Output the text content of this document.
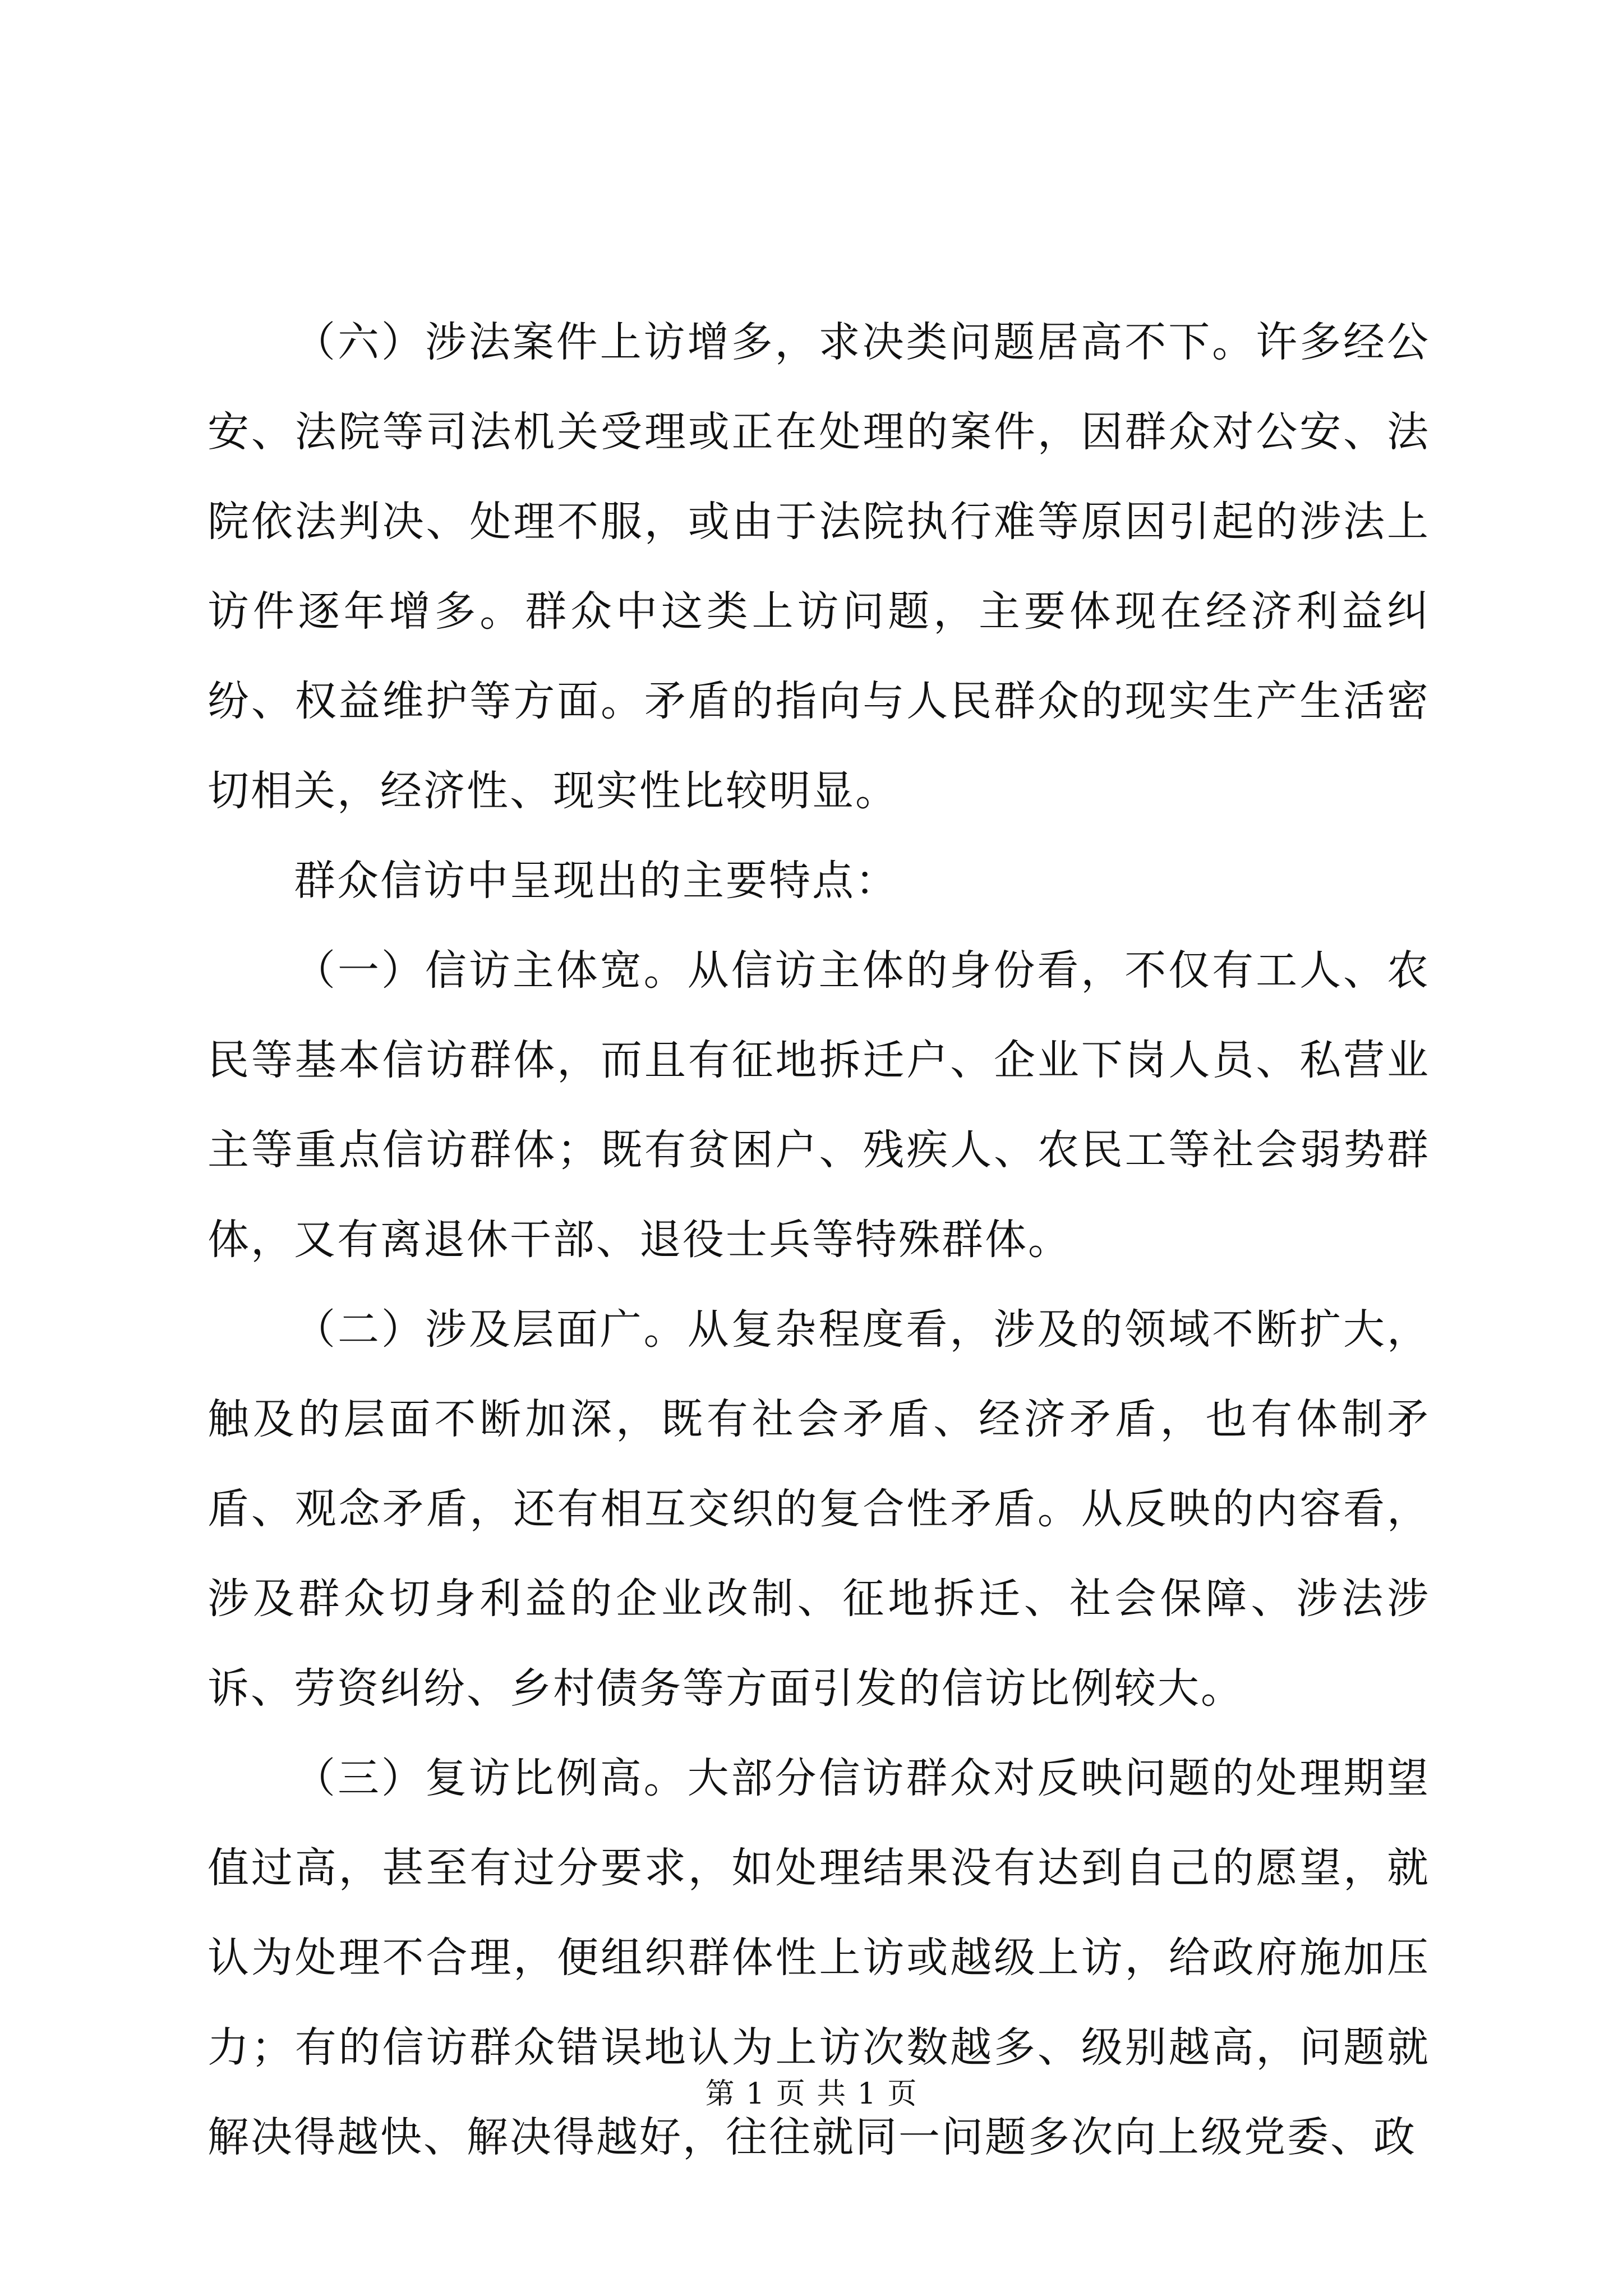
（六）涉法案件上访增多，求决类问题居高不下。许多经公安、法院等司法机关受理或正在处理的案件，因群众对公安、法院依法判决、处理不服，或由于法院执行难等原因引起的涉法上访件逐年增多。群众中这类上访问题，主要体现在经济利益纠纷、权益维护等方面。矛盾的指向与人民群众的现实生产生活密切相关，经济性、现实性比较明显。

群众信访中呈现出的主要特点：

（一）信访主体宽。从信访主体的身份看，不仅有工人、农民等基本信访群体，而且有征地拆迁户、企业下岗人员、私营业主等重点信访群体；既有贫困户、残疾人、农民工等社会弱势群体，又有离退休干部、退役士兵等特殊群体。

（二）涉及层面广。从复杂程度看，涉及的领域不断扩大，触及的层面不断加深，既有社会矛盾、经济矛盾，也有体制矛盾、观念矛盾，还有相互交织的复合性矛盾。从反映的内容看，涉及群众切身利益的企业改制、征地拆迁、社会保障、涉法涉诉、劳资纠纷、乡村债务等方面引发的信访比例较大。

（三）复访比例高。大部分信访群众对反映问题的处理期望值过高，甚至有过分要求，如处理结果没有达到自己的愿望，就认为处理不合理，便组织群体性上访或越级上访，给政府施加压力；有的信访群众错误地认为上访次数越多、级别越高，问题就解决得越快、解决得越好，往往就同一问题多次向上级党委、政

第 1 页 共 1 页
